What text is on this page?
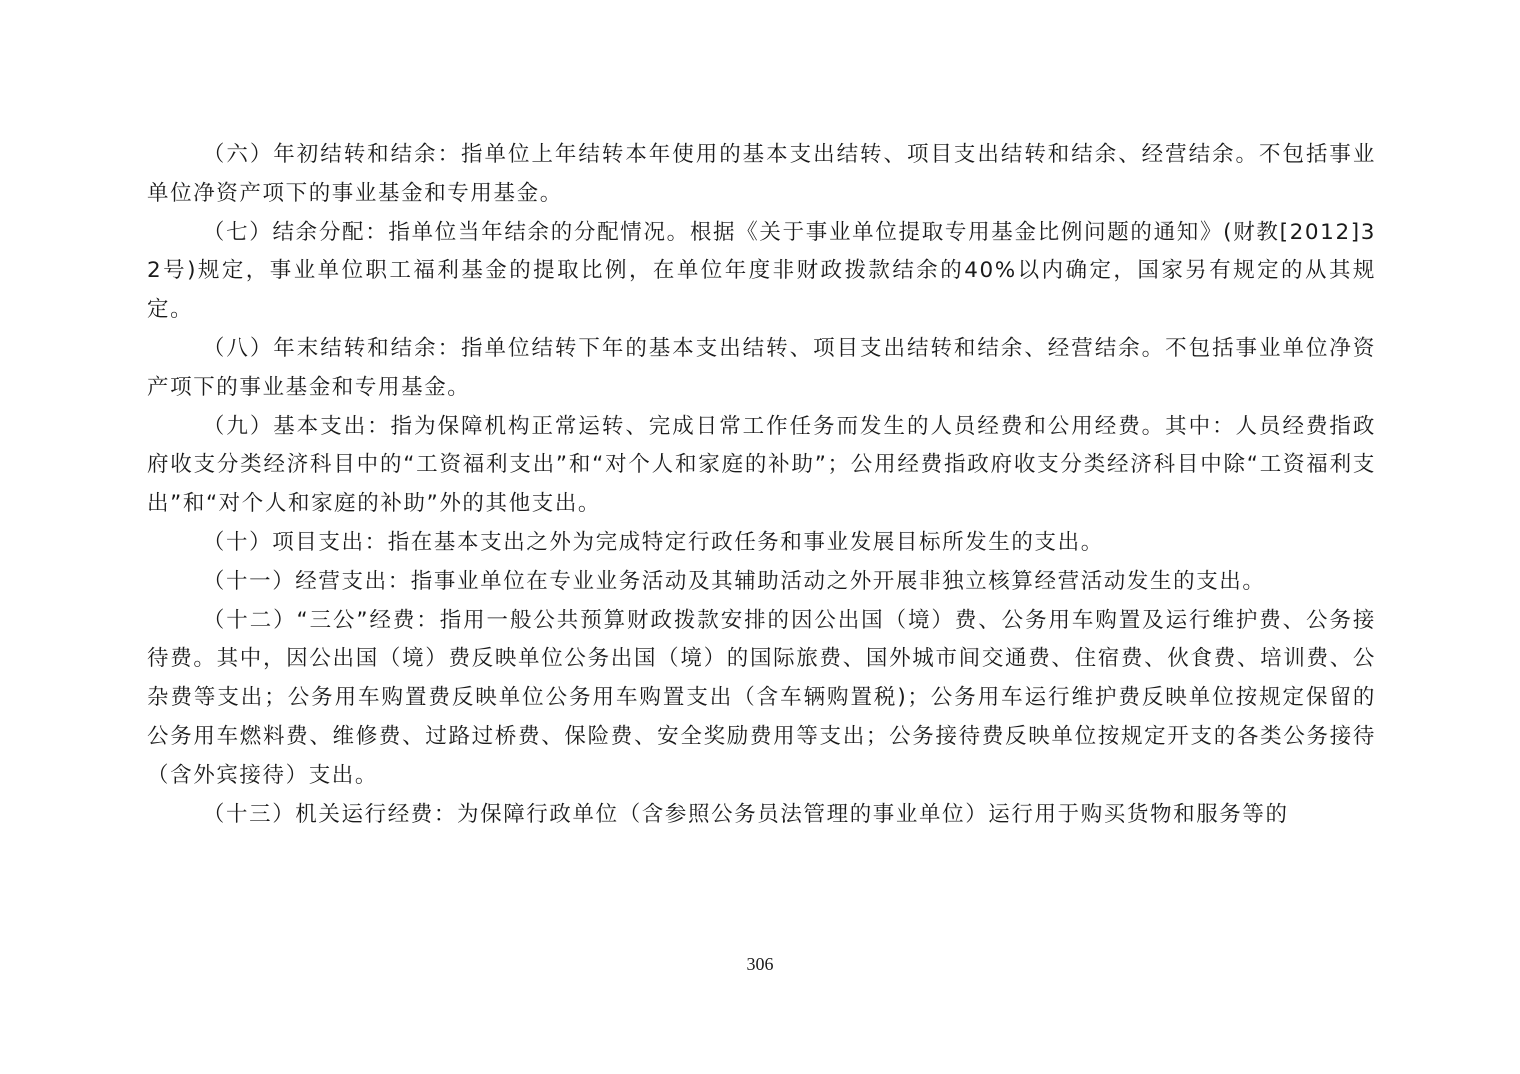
（六）年初结转和结余：指单位上年结转本年使用的基本支出结转、项目支出结转和结余、经营结余。不包括事业单位净资产项下的事业基金和专用基金。

（七）结余分配：指单位当年结余的分配情况。根据《关于事业单位提取专用基金比例问题的通知》(财教[2012]32号)规定，事业单位职工福利基金的提取比例，在单位年度非财政拨款结余的40%以内确定，国家另有规定的从其规定。

（八）年末结转和结余：指单位结转下年的基本支出结转、项目支出结转和结余、经营结余。不包括事业单位净资产项下的事业基金和专用基金。

（九）基本支出：指为保障机构正常运转、完成日常工作任务而发生的人员经费和公用经费。其中：人员经费指政府收支分类经济科目中的“工资福利支出”和“对个人和家庭的补助”；公用经费指政府收支分类经济科目中除“工资福利支出”和“对个人和家庭的补助”外的其他支出。

（十）项目支出：指在基本支出之外为完成特定行政任务和事业发展目标所发生的支出。

（十一）经营支出：指事业单位在专业业务活动及其辅助活动之外开展非独立核算经营活动发生的支出。

（十二）“三公”经费：指用一般公共预算财政拨款安排的因公出国（境）费、公务用车购置及运行维护费、公务接待费。其中，因公出国（境）费反映单位公务出国（境）的国际旅费、国外城市间交通费、住宿费、伙食费、培训费、公杂费等支出；公务用车购置费反映单位公务用车购置支出（含车辆购置税)；公务用车运行维护费反映单位按规定保留的公务用车燃料费、维修费、过路过桥费、保险费、安全奖励费用等支出；公务接待费反映单位按规定开支的各类公务接待（含外宾接待）支出。

（十三）机关运行经费：为保障行政单位（含参照公务员法管理的事业单位）运行用于购买货物和服务等的

306
